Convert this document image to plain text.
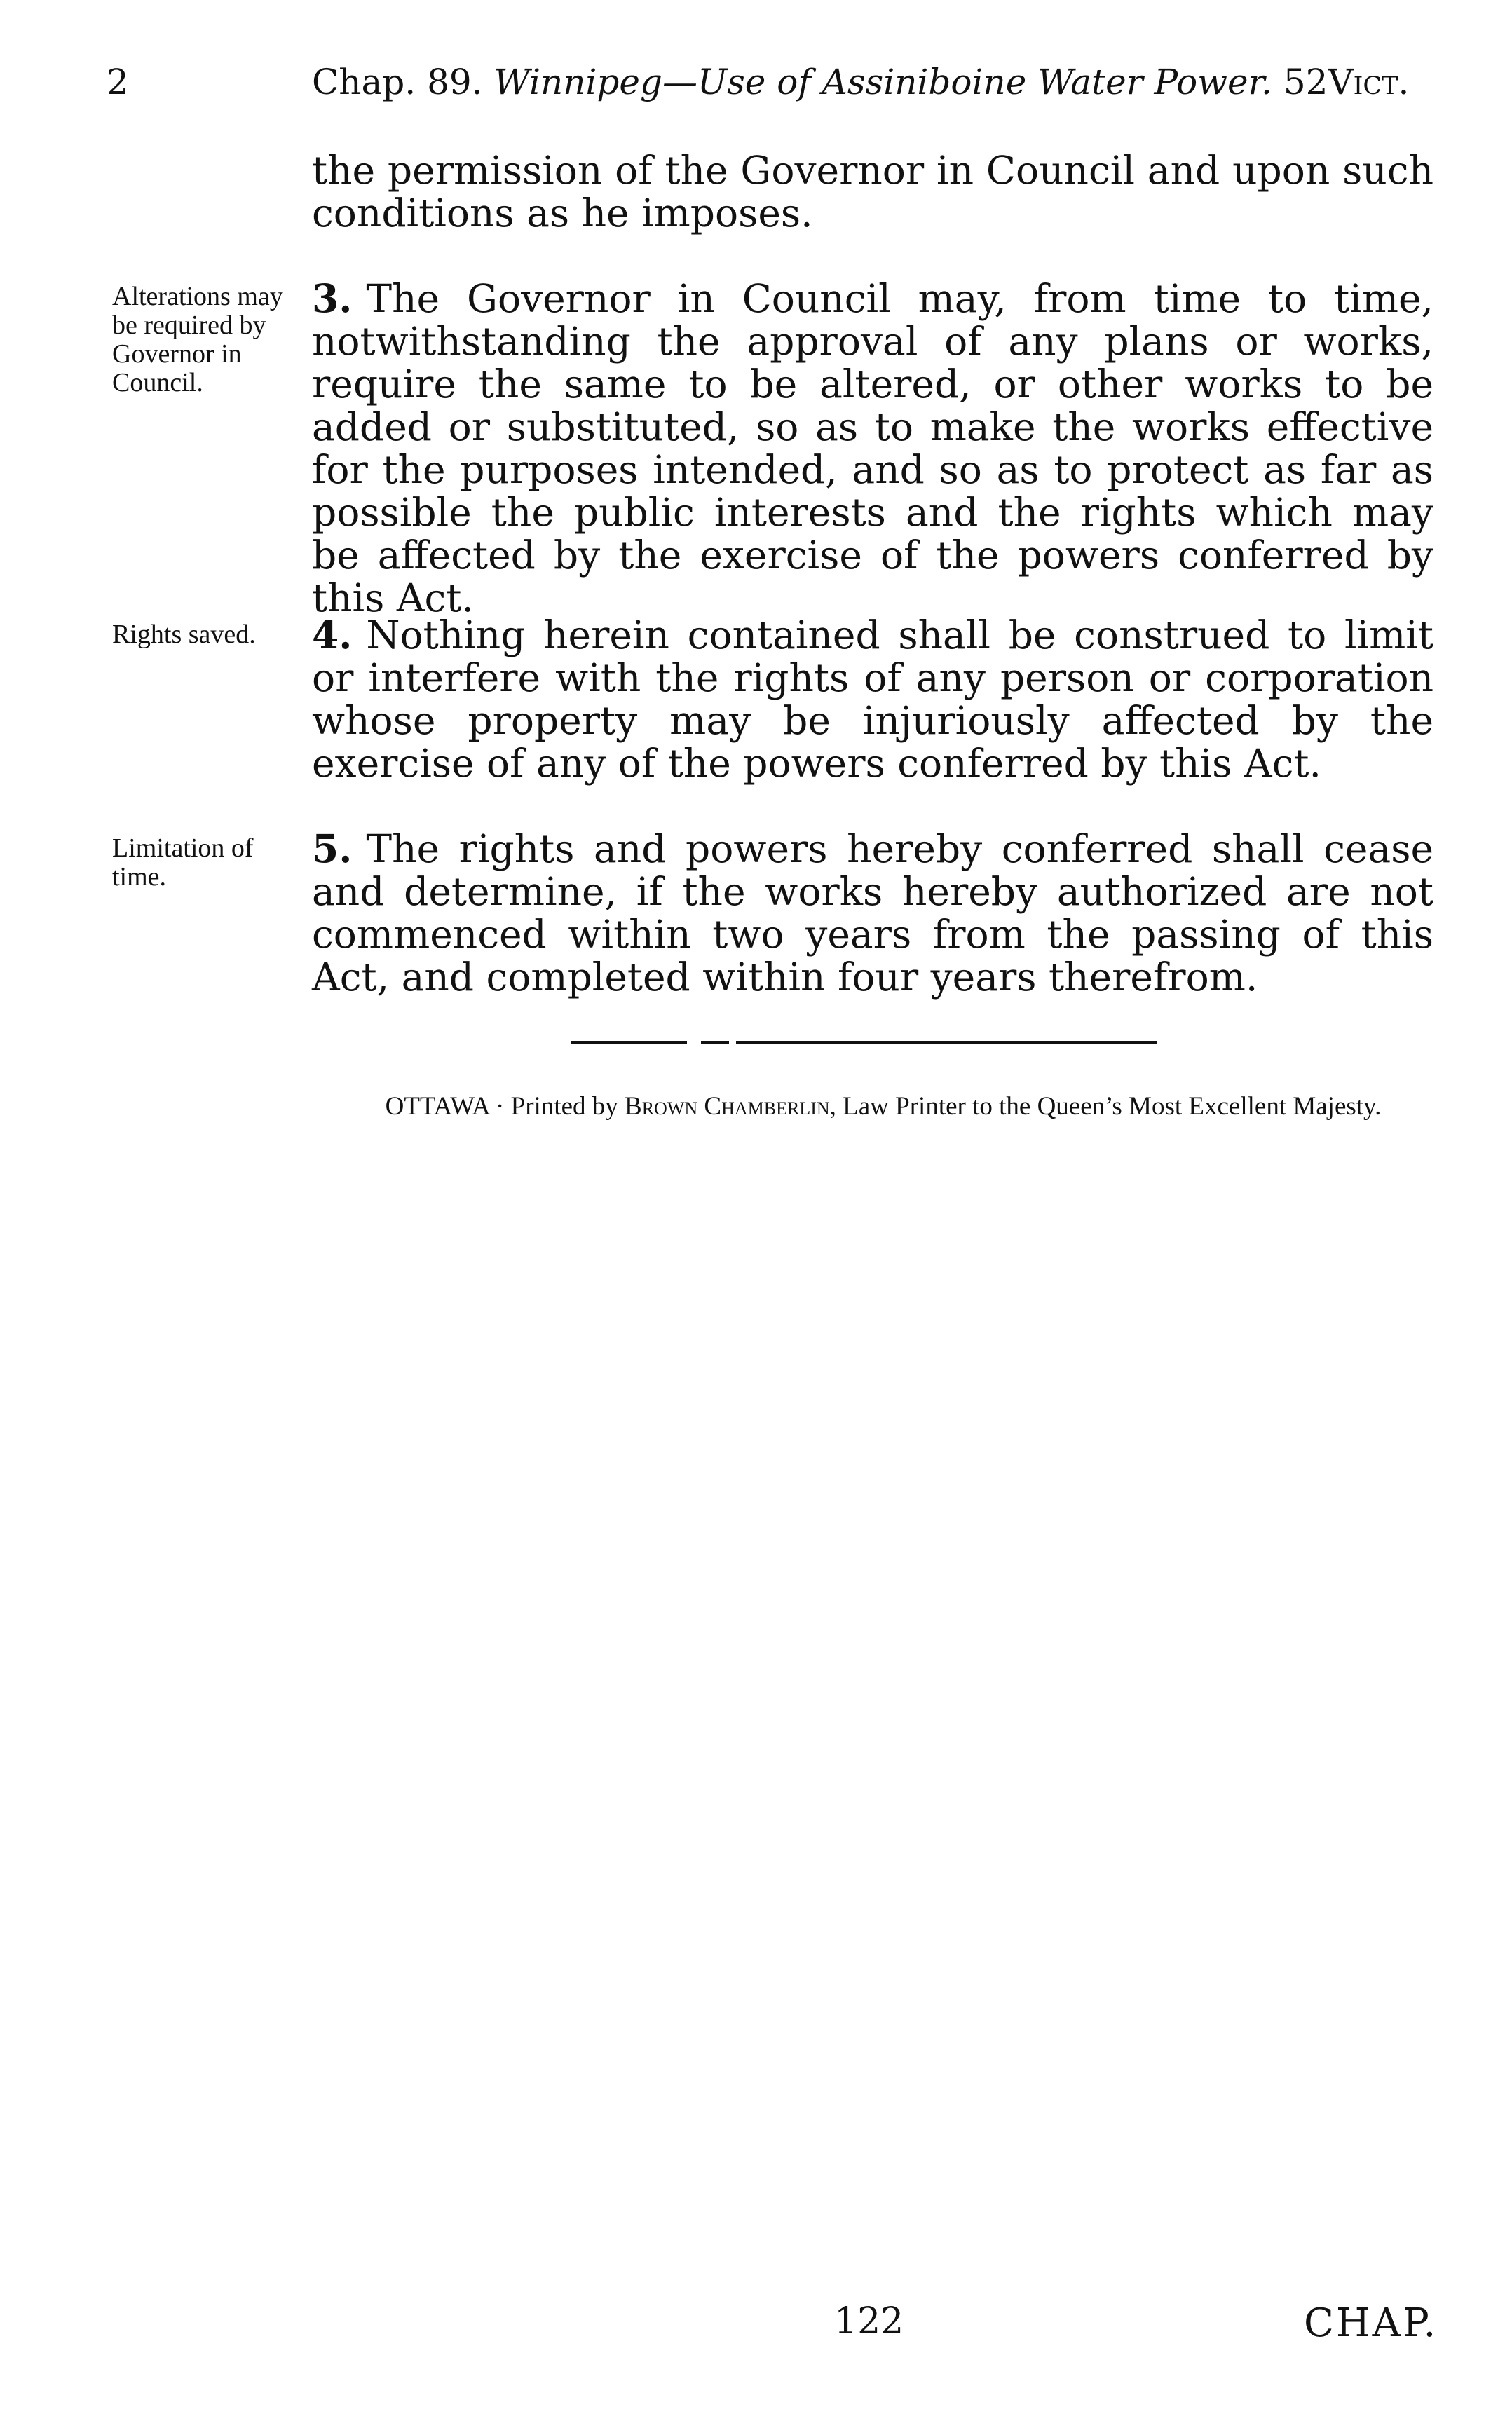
2	Chap. 89. Winnipeg—Use of Assiniboine Water Power. 52Vict.
the permission of the Governor in Council and upon such conditions as he imposes.
Alterations may be required by Governor in Council.
3. The Governor in Council may, from time to time, notwithstanding the approval of any plans or works, require the same to be altered, or other works to be added or substituted, so as to make the works effective for the purposes intended, and so as to protect as far as possible the public interests and the rights which may be affected by the exercise of the powers conferred by this Act.
Rights saved.	4. Nothing herein contained shall be construed to limit or interfere with the rights of any person or corporation whose property may be injuriously affected by the exercise of any of the powers conferred by this Act.
Limitation of time.
5. The rights and powers hereby conferred shall cease and determine, if the works hereby authorized are not commenced within two years from the passing of this Act, and completed within four years therefrom.
OTTAWA · Printed by Brown Chamberlin, Law Printer to the Queen’s Most Excellent Majesty.
122	CHAP.
